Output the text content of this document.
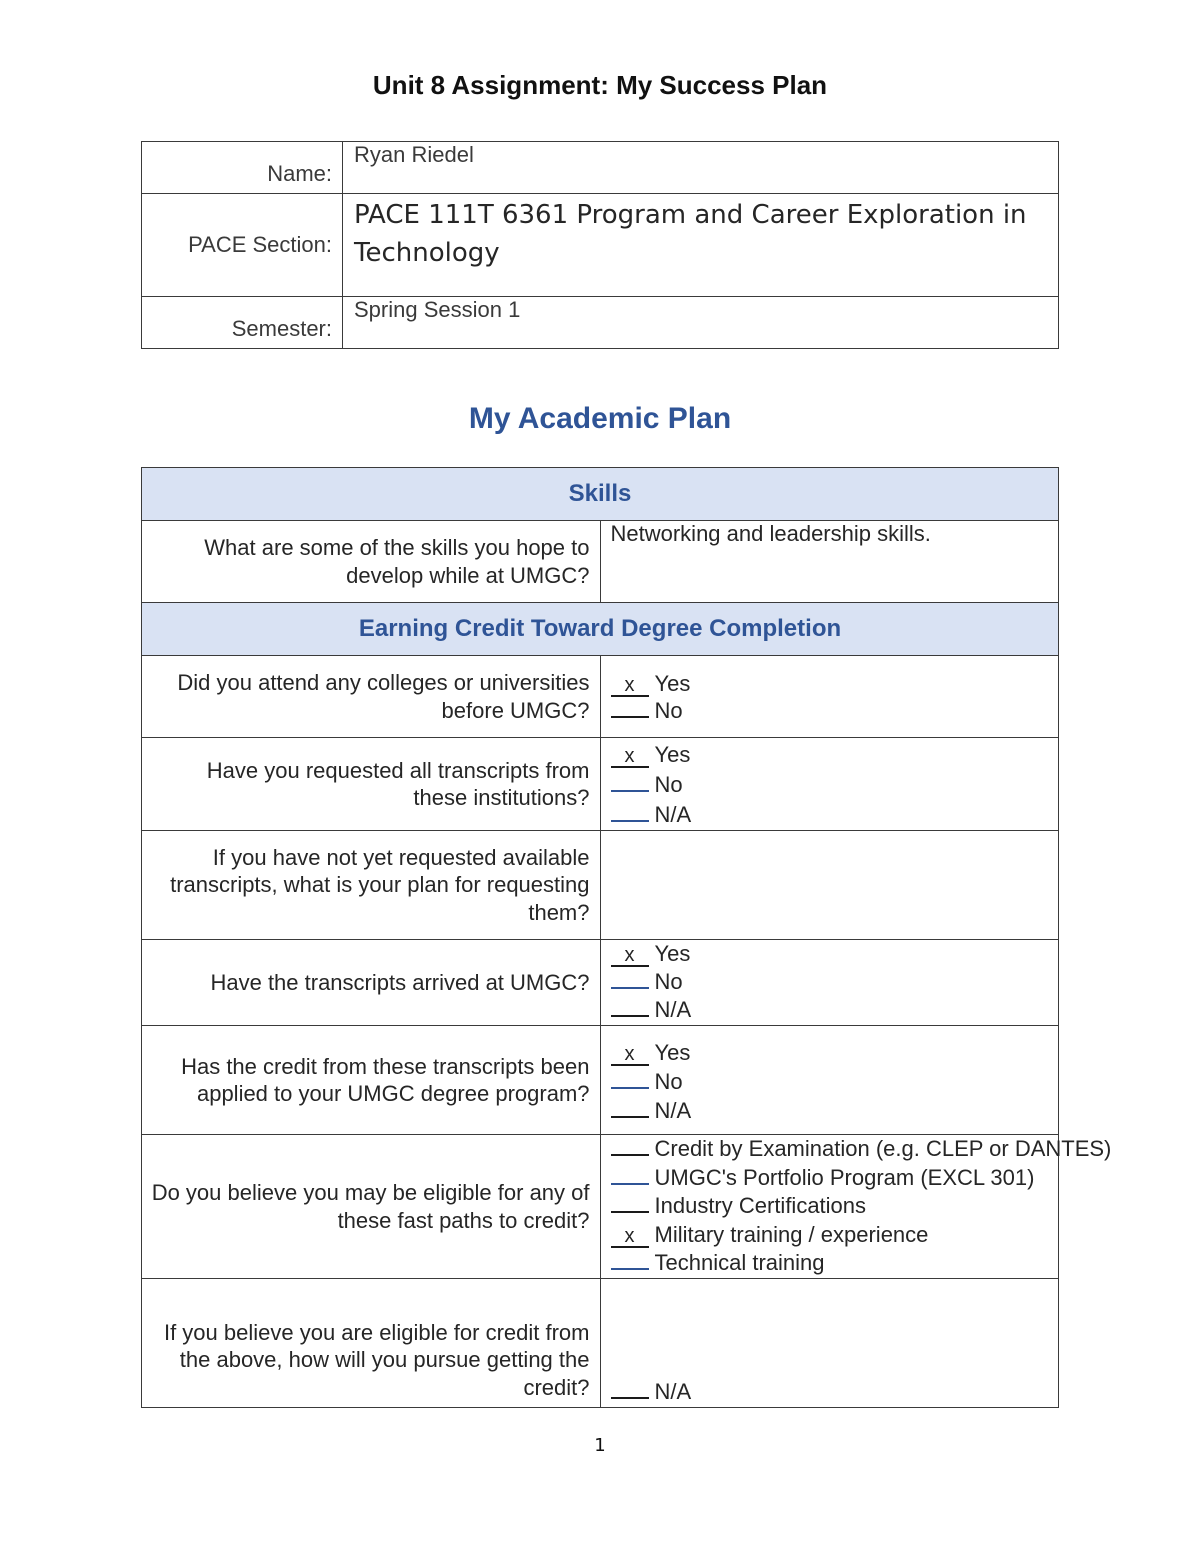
Unit 8 Assignment: My Success Plan
Name:	Ryan Riedel
PACE Section:	PACE 111T 6361 Program and Career Exploration in Technology
Semester:	Spring Session 1
My Academic Plan
Skills	
What are some of the skills you hope to develop while at UMGC?	Networking and leadership skills.
Earning Credit Toward Degree Completion	
Did you attend any colleges or universities before UMGC?	x Yes
No

Have you requested all transcripts from these institutions?	x Yes
No
N/A

If you have not yet requested available transcripts, what is your plan for requesting them?	
Have the transcripts arrived at UMGC?	x Yes
No
N/A

Has the credit from these transcripts been applied to your UMGC degree program?	x Yes
No
N/A

Do you believe you may be eligible for any of these fast paths to credit?	Credit by Examination (e.g. CLEP or DANTES)
UMGC's Portfolio Program (EXCL 301)
Industry Certifications
x Military training / experience
Technical training

If you believe you are eligible for credit from the above, how will you pursue getting the credit?	N/A
1
